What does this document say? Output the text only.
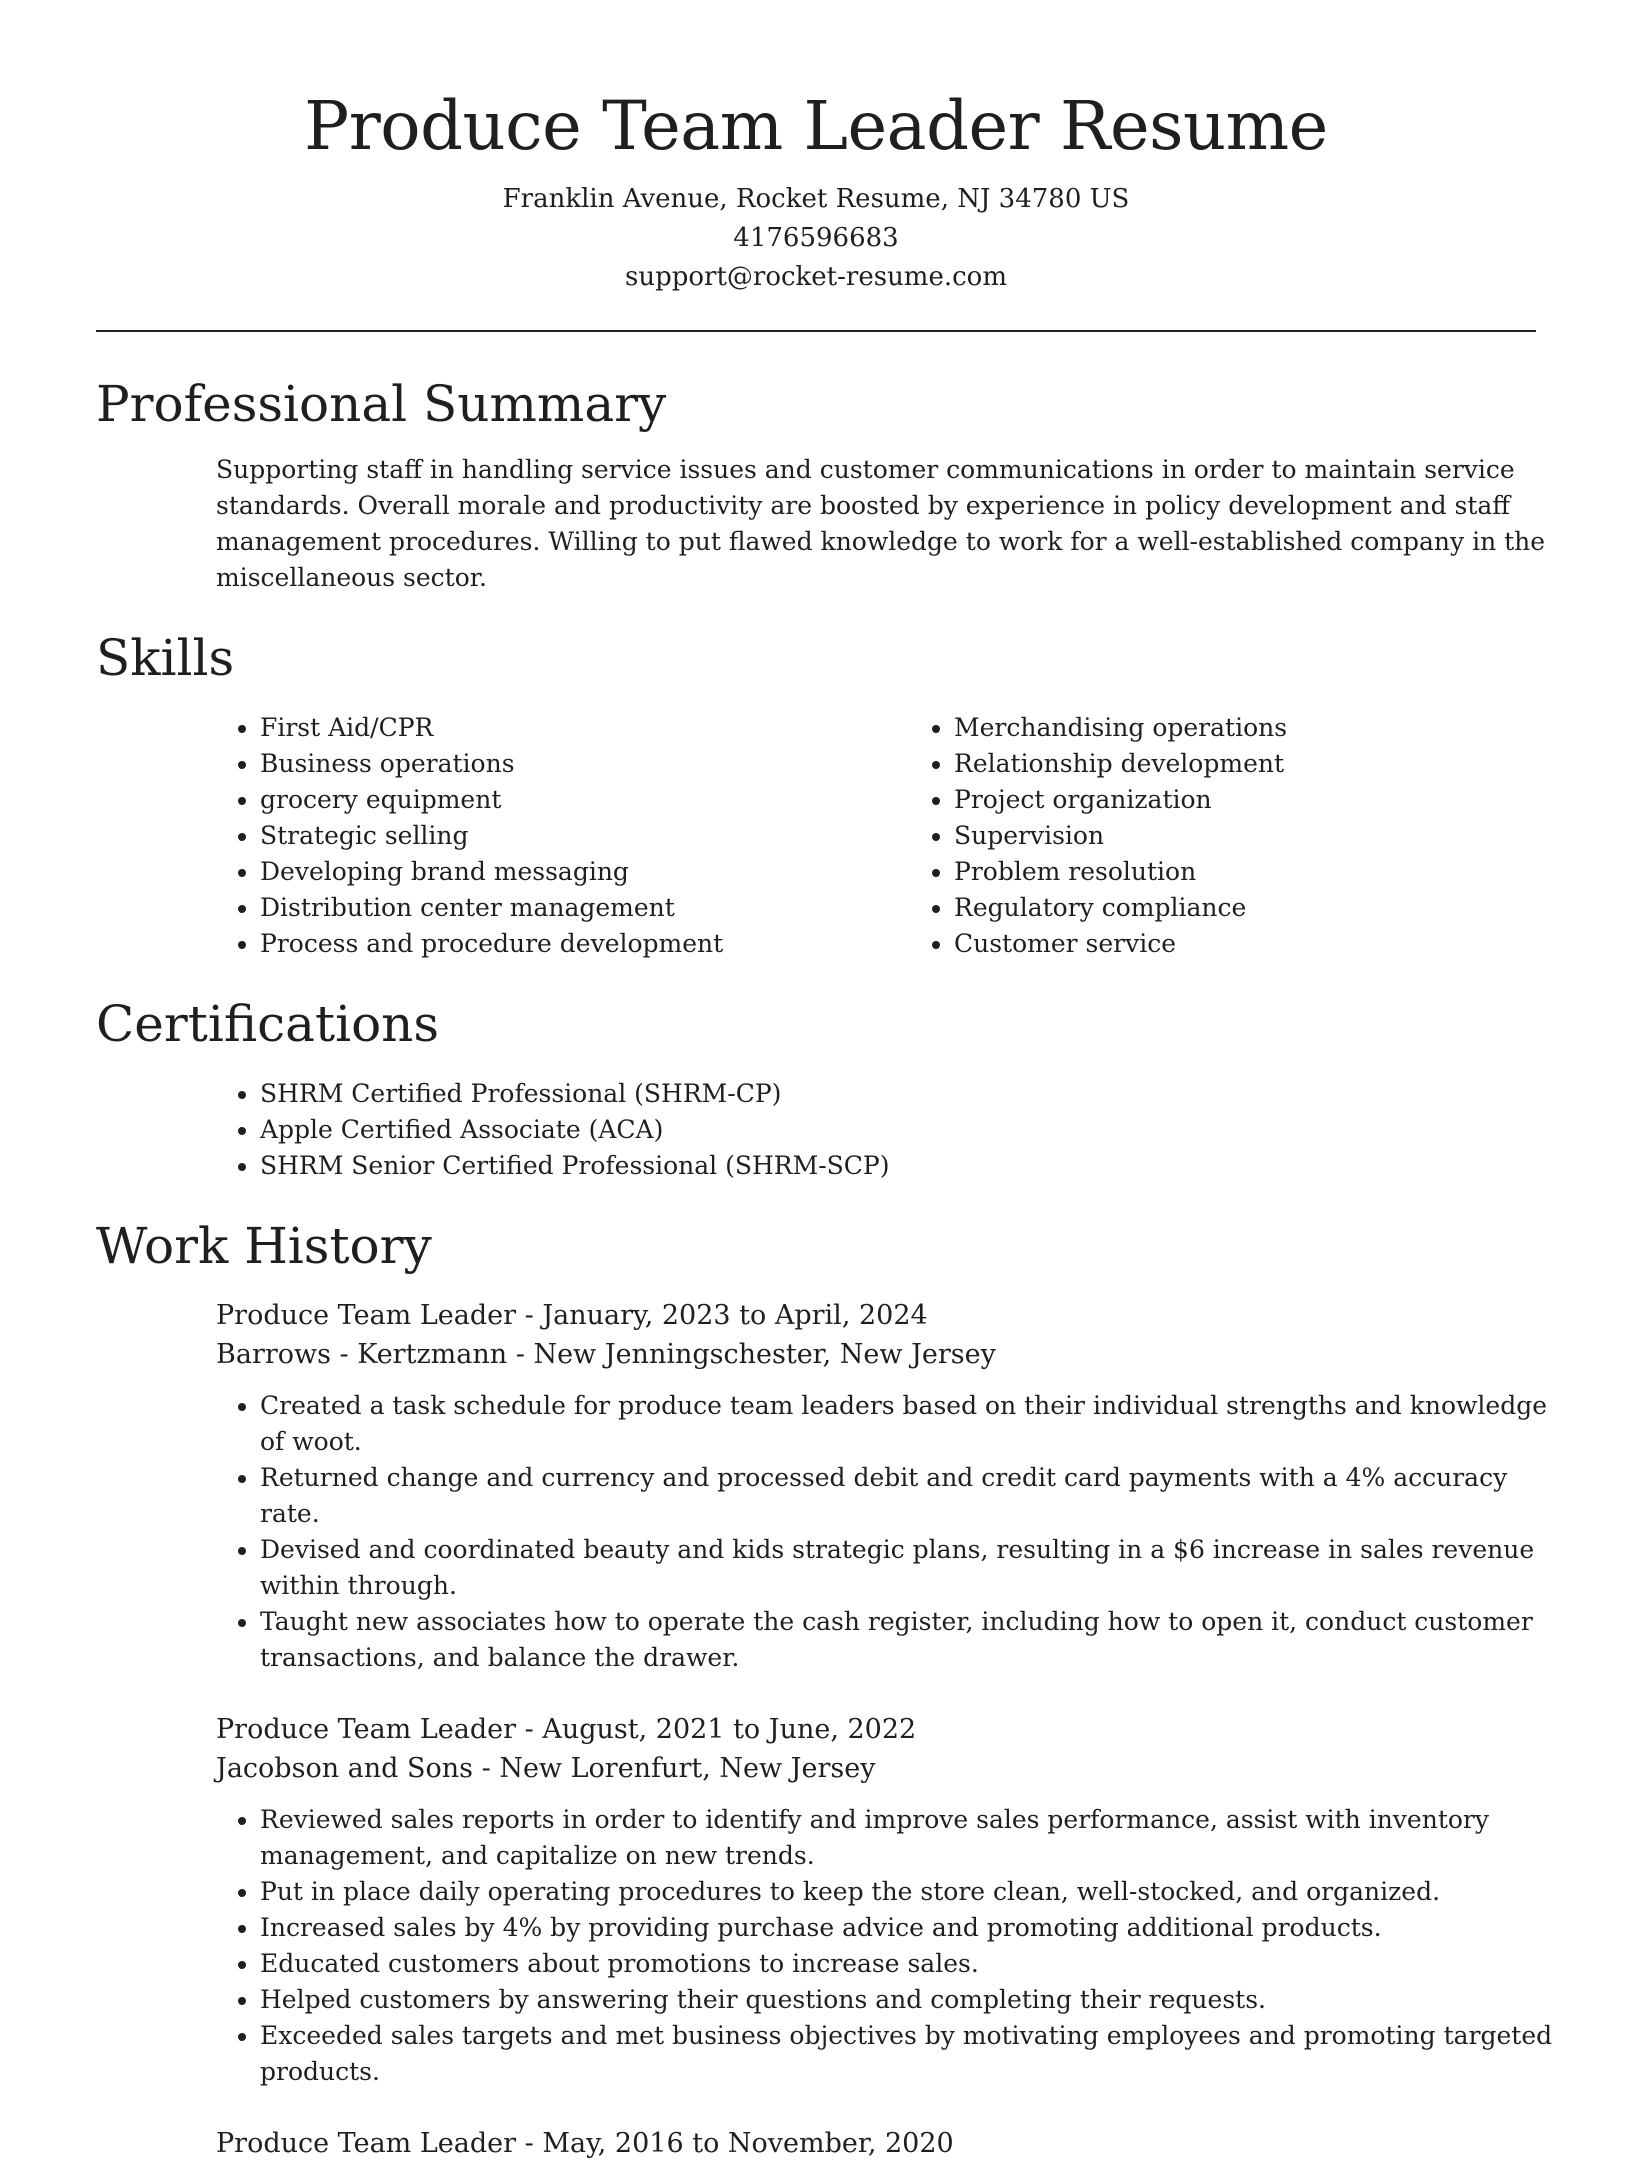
Produce Team Leader Resume
Franklin Avenue, Rocket Resume, NJ 34780 US
4176596683
support@rocket-resume.com
Professional Summary

Supporting staff in handling service issues and customer communications in order to maintain service standards. Overall morale and productivity are boosted by experience in policy development and staff management procedures. Willing to put flawed knowledge to work for a well-established company in the miscellaneous sector.

Skills
• First Aid/CPR
• Business operations
• grocery equipment
• Strategic selling
• Developing brand messaging
• Distribution center management
• Process and procedure development
• Merchandising operations
• Relationship development
• Project organization
• Supervision
• Problem resolution
• Regulatory compliance
• Customer service
Certifications
• SHRM Certified Professional (SHRM-CP)
• Apple Certified Associate (ACA)
• SHRM Senior Certified Professional (SHRM-SCP)
Work History
Produce Team Leader - January, 2023 to April, 2024
Barrows - Kertzmann - New Jenningschester, New Jersey
• Created a task schedule for produce team leaders based on their individual strengths and knowledge of woot.
• Returned change and currency and processed debit and credit card payments with a 4% accuracy rate.
• Devised and coordinated beauty and kids strategic plans, resulting in a $6 increase in sales revenue within through.
• Taught new associates how to operate the cash register, including how to open it, conduct customer transactions, and balance the drawer.
Produce Team Leader - August, 2021 to June, 2022
Jacobson and Sons - New Lorenfurt, New Jersey
• Reviewed sales reports in order to identify and improve sales performance, assist with inventory management, and capitalize on new trends.
• Put in place daily operating procedures to keep the store clean, well-stocked, and organized.
• Increased sales by 4% by providing purchase advice and promoting additional products.
• Educated customers about promotions to increase sales.
• Helped customers by answering their questions and completing their requests.
• Exceeded sales targets and met business objectives by motivating employees and promoting targeted products.
Produce Team Leader - May, 2016 to November, 2020
